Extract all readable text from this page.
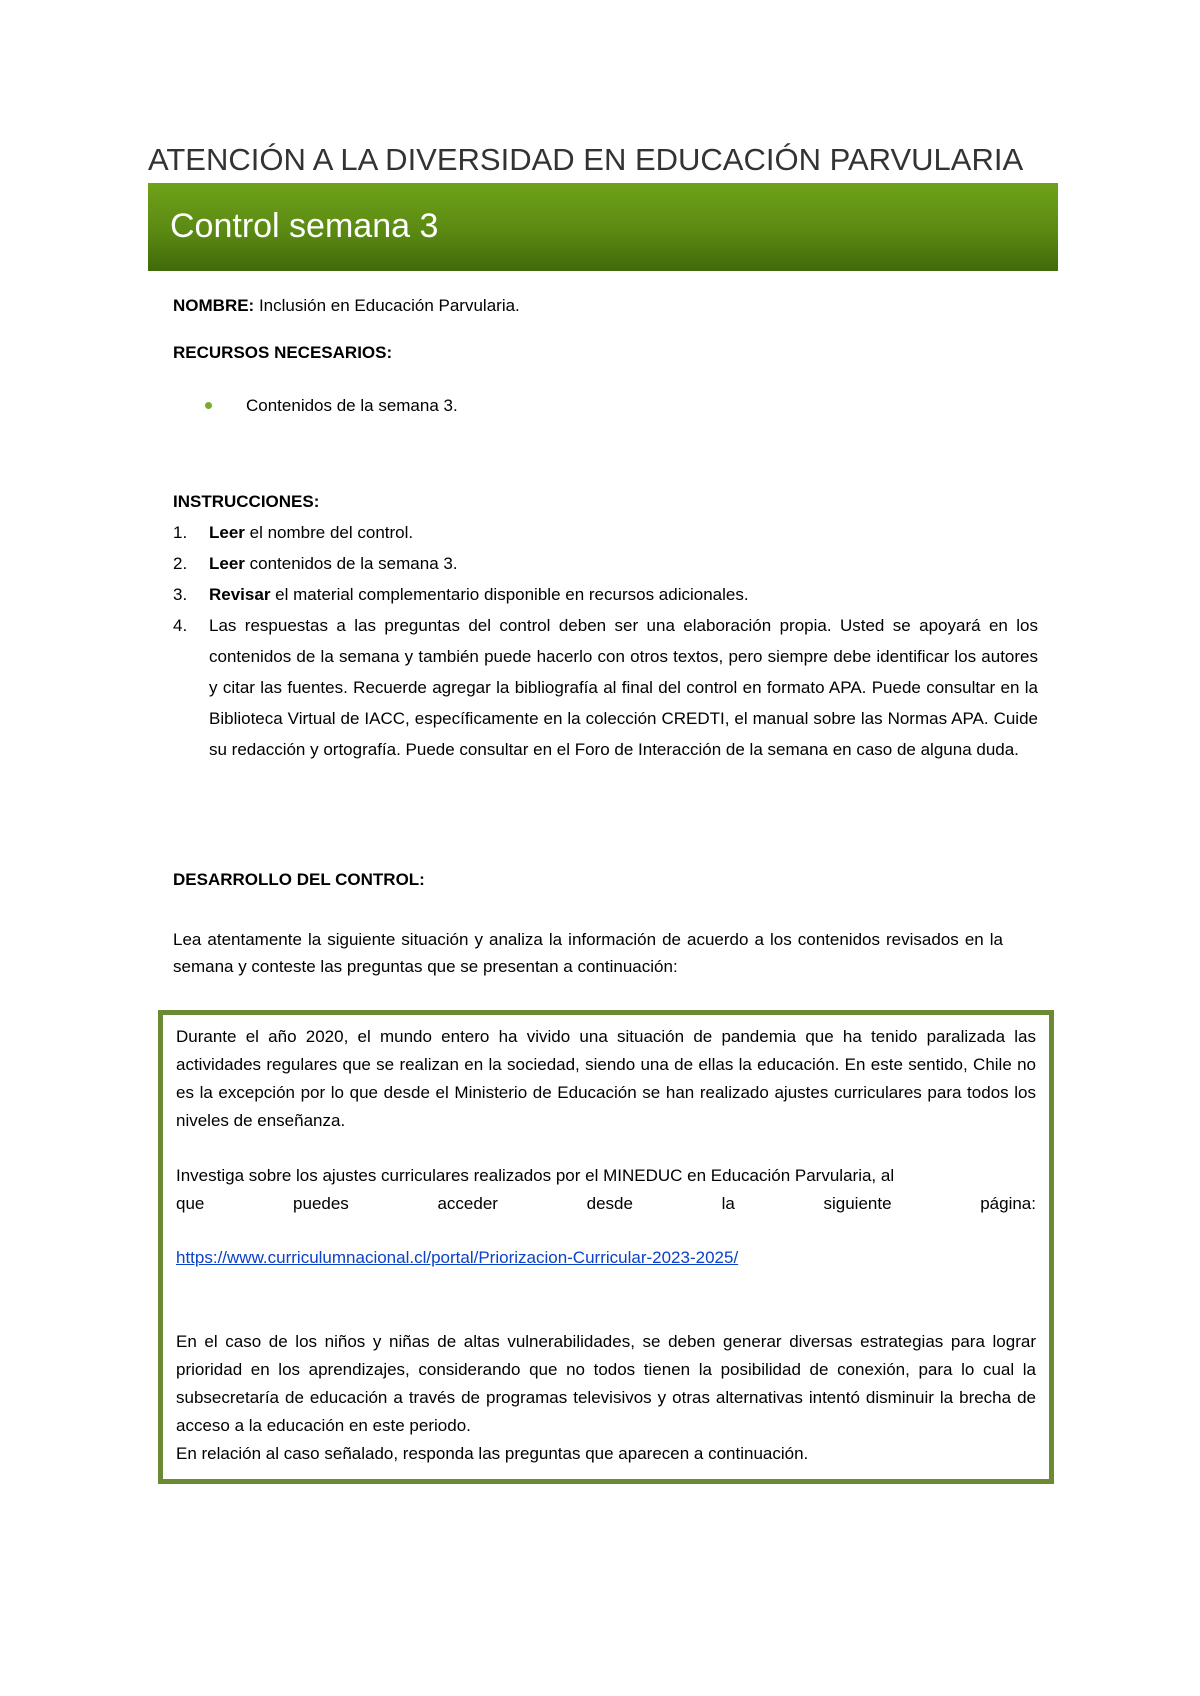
ATENCIÓN A LA DIVERSIDAD EN EDUCACIÓN PARVULARIA
Control semana 3
NOMBRE: Inclusión en Educación Parvularia.
RECURSOS NECESARIOS:
Contenidos de la semana 3.
INSTRUCCIONES:
1. Leer el nombre del control.
2. Leer contenidos de la semana 3.
3. Revisar el material complementario disponible en recursos adicionales.
4. Las respuestas a las preguntas del control deben ser una elaboración propia. Usted se apoyará en los contenidos de la semana y también puede hacerlo con otros textos, pero siempre debe identificar los autores y citar las fuentes. Recuerde agregar la bibliografía al final del control en formato APA. Puede consultar en la Biblioteca Virtual de IACC, específicamente en la colección CREDTI, el manual sobre las Normas APA. Cuide su redacción y ortografía. Puede consultar en el Foro de Interacción de la semana en caso de alguna duda.
DESARROLLO DEL CONTROL:
Lea atentamente la siguiente situación y analiza la información de acuerdo a los contenidos revisados en la semana y conteste las preguntas que se presentan a continuación:
Durante el año 2020, el mundo entero ha vivido una situación de pandemia que ha tenido paralizada las actividades regulares que se realizan en la sociedad, siendo una de ellas la educación. En este sentido, Chile no es la excepción por lo que desde el Ministerio de Educación se han realizado ajustes curriculares para todos los niveles de enseñanza.
Investiga sobre los ajustes curriculares realizados por el MINEDUC en Educación Parvularia, al
que	puedes	acceder	desde	la	siguiente	página:
https://www.curriculumnacional.cl/portal/Priorizacion-Curricular-2023-2025/
En el caso de los niños y niñas de altas vulnerabilidades, se deben generar diversas estrategias para lograr prioridad en los aprendizajes, considerando que no todos tienen la posibilidad de conexión, para lo cual la subsecretaría de educación a través de programas televisivos y otras alternativas intentó disminuir la brecha de acceso a la educación en este periodo.
En relación al caso señalado, responda las preguntas que aparecen a continuación.
